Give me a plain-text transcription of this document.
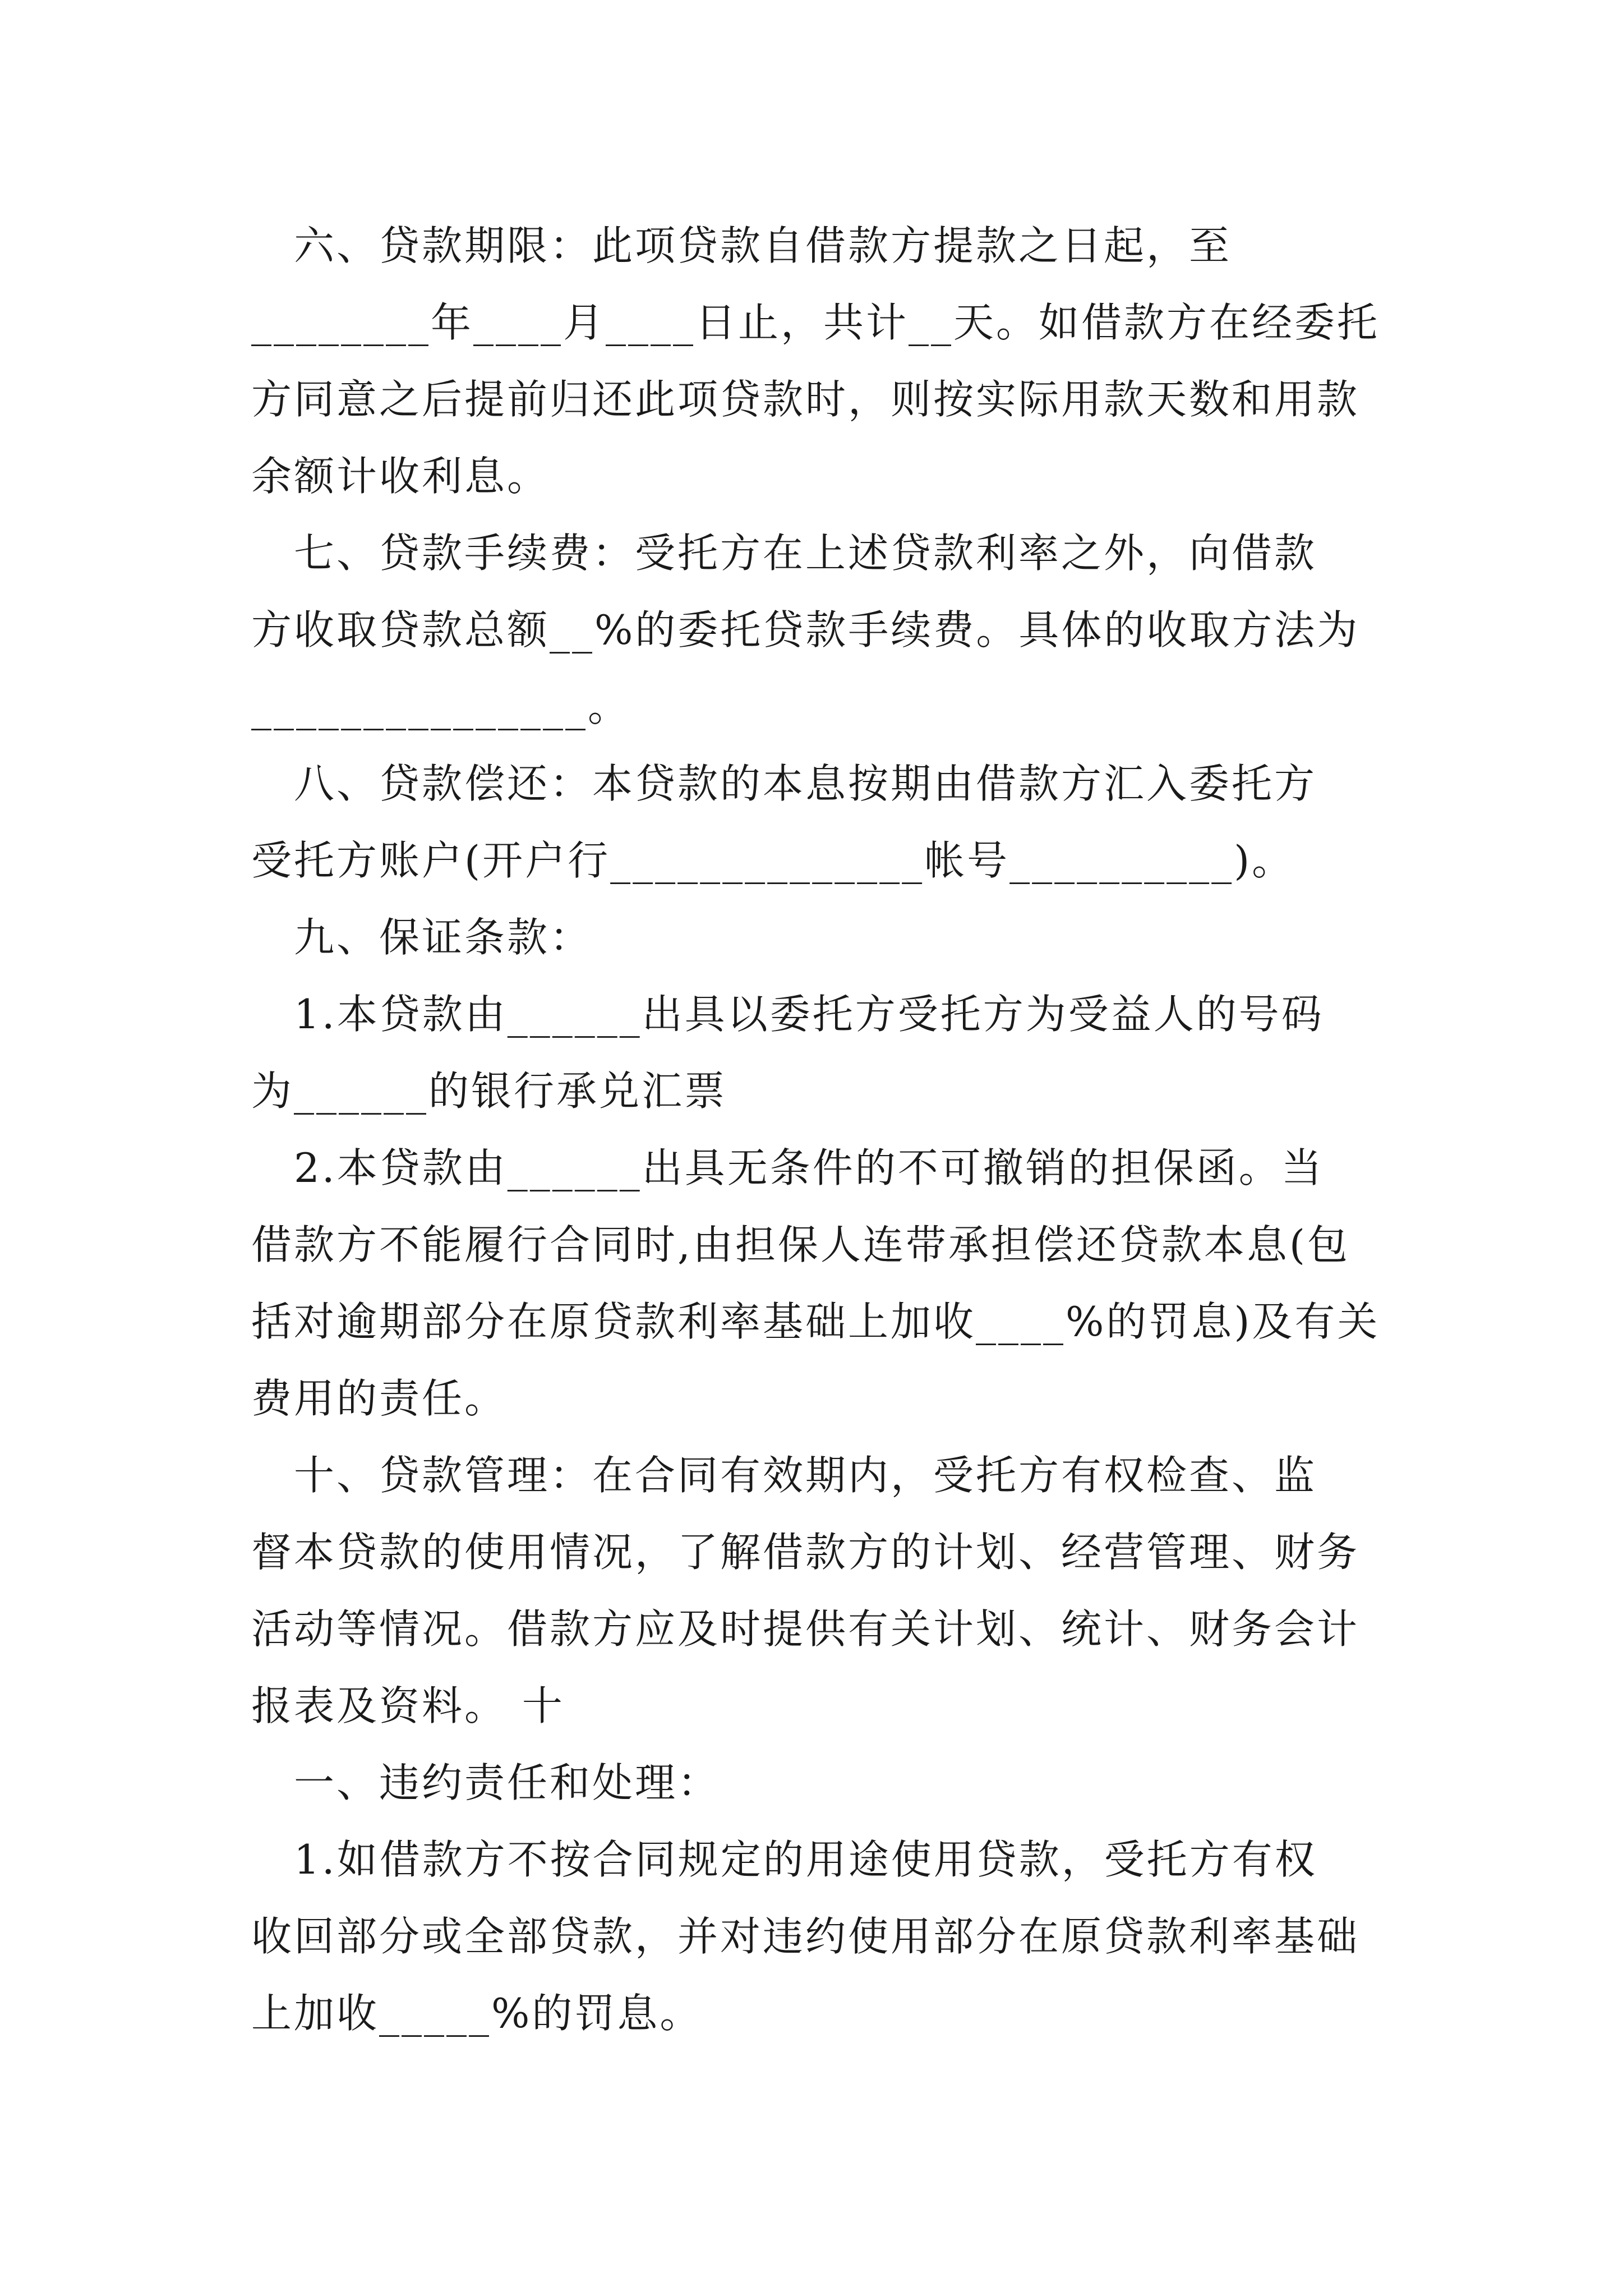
　六、贷款期限：此项贷款自借款方提款之日起，至
________年____月____日止，共计__天。如借款方在经委托
方同意之后提前归还此项贷款时，则按实际用款天数和用款
余额计收利息。
　七、贷款手续费：受托方在上述贷款利率之外，向借款
方收取贷款总额__%的委托贷款手续费。具体的收取方法为
_______________。
　八、贷款偿还：本贷款的本息按期由借款方汇入委托方
受托方账户(开户行______________帐号__________)。
　九、保证条款：
　1.本贷款由______出具以委托方受托方为受益人的号码
为______的银行承兑汇票
　2.本贷款由______出具无条件的不可撤销的担保函。当
借款方不能履行合同时,由担保人连带承担偿还贷款本息(包
括对逾期部分在原贷款利率基础上加收____%的罚息)及有关
费用的责任。
　十、贷款管理：在合同有效期内，受托方有权检查、监
督本贷款的使用情况，了解借款方的计划、经营管理、财务
活动等情况。借款方应及时提供有关计划、统计、财务会计
报表及资料。 十
　一、违约责任和处理：
　1.如借款方不按合同规定的用途使用贷款，受托方有权
收回部分或全部贷款，并对违约使用部分在原贷款利率基础
上加收_____%的罚息。
